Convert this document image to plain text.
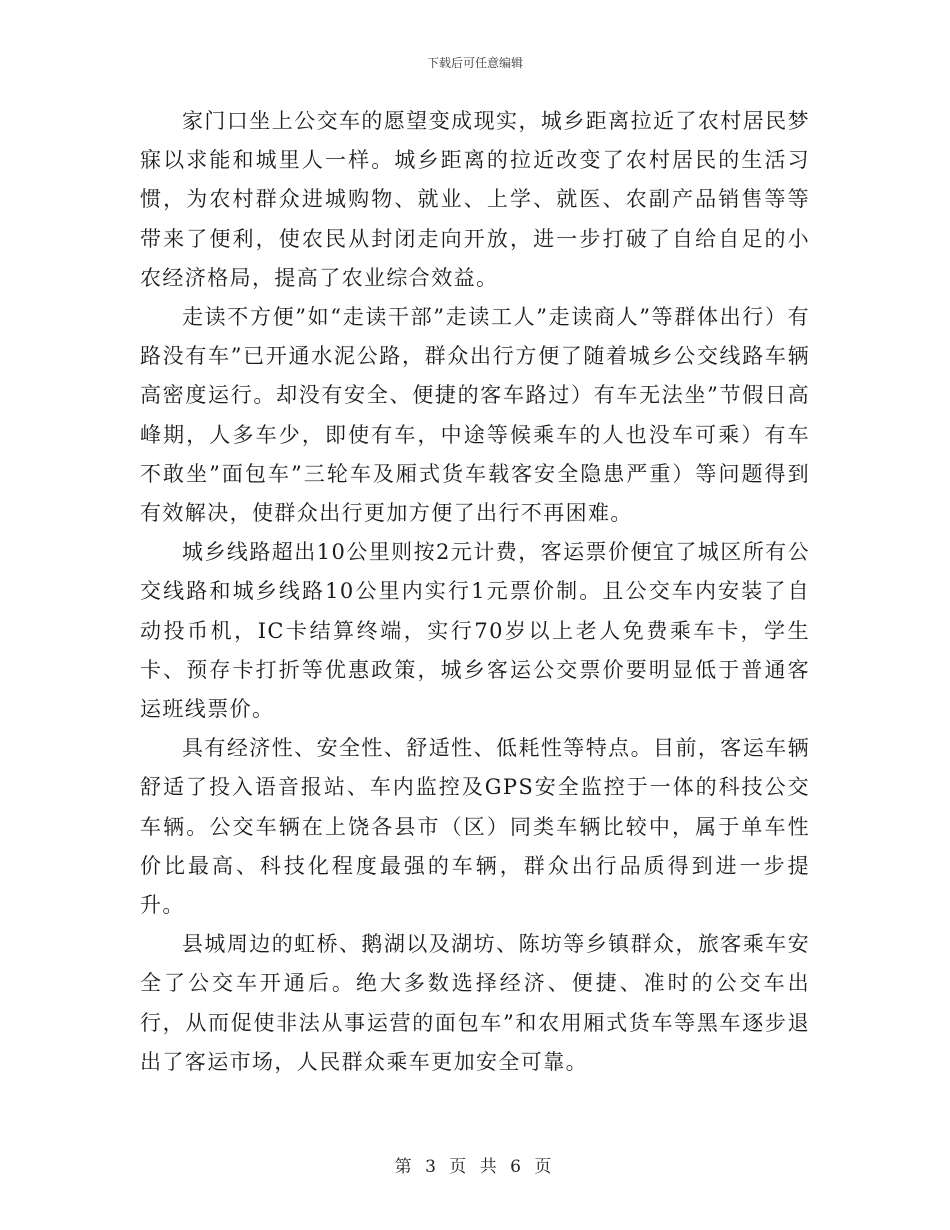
下载后可任意编辑

家门口坐上公交车的愿望变成现实，城乡距离拉近了农村居民梦寐以求能和城里人一样。城乡距离的拉近改变了农村居民的生活习惯，为农村群众进城购物、就业、上学、就医、农副产品销售等等带来了便利，使农民从封闭走向开放，进一步打破了自给自足的小农经济格局，提高了农业综合效益。

走读不方便”如“走读干部”走读工人”走读商人”等群体出行）有路没有车”已开通水泥公路，群众出行方便了随着城乡公交线路车辆高密度运行。却没有安全、便捷的客车路过）有车无法坐”节假日高峰期，人多车少，即使有车，中途等候乘车的人也没车可乘）有车不敢坐”面包车”三轮车及厢式货车载客安全隐患严重）等问题得到有效解决，使群众出行更加方便了出行不再困难。

城乡线路超出10公里则按2元计费，客运票价便宜了城区所有公交线路和城乡线路10公里内实行1元票价制。且公交车内安装了自动投币机，IC卡结算终端，实行70岁以上老人免费乘车卡，学生卡、预存卡打折等优惠政策，城乡客运公交票价要明显低于普通客运班线票价。

具有经济性、安全性、舒适性、低耗性等特点。目前，客运车辆舒适了投入语音报站、车内监控及GPS安全监控于一体的科技公交车辆。公交车辆在上饶各县市（区）同类车辆比较中，属于单车性价比最高、科技化程度最强的车辆，群众出行品质得到进一步提升。

县城周边的虹桥、鹅湖以及湖坊、陈坊等乡镇群众，旅客乘车安全了公交车开通后。绝大多数选择经济、便捷、准时的公交车出行，从而促使非法从事运营的面包车”和农用厢式货车等黑车逐步退出了客运市场，人民群众乘车更加安全可靠。

第 3 页 共 6 页
